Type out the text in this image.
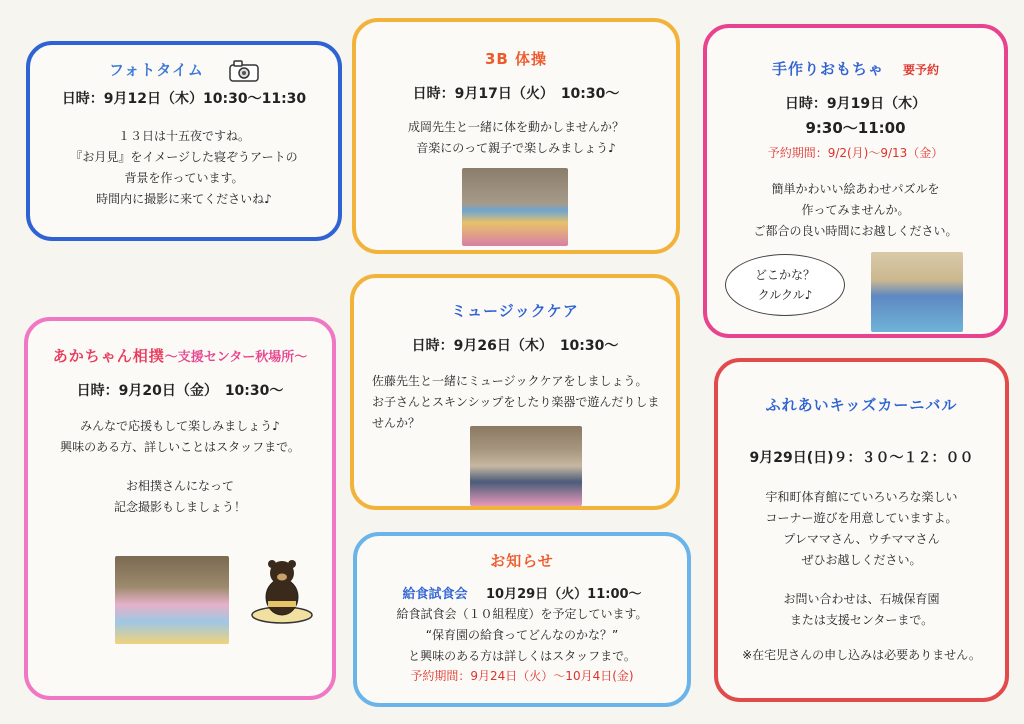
フォトタイム
日時：9月12日（木）10:30〜11:30
１３日は十五夜ですね。
『お月見』をイメージした寝ぞうアートの
背景を作っています。
時間内に撮影に来てくださいね♪
3B 体操
日時：9月17日（火）　10:30〜
成岡先生と一緒に体を動かしませんか？
音楽にのって親子で楽しみましょう♪
手作りおもちゃ 要予約
日時：9月19日（木）
9:30〜11:00
予約期間：9/2(月)〜9/13（金）
簡単かわいい絵あわせパズルを
作ってみませんか。
ご都合の良い時間にお越しください。
どこかな？
クルクル♪
あかちゃん相撲〜支援センター秋場所〜
日時：9月20日（金）　10:30〜
みんなで応援もして楽しみましょう♪
興味のある方、詳しいことはスタッフまで。
お相撲さんになって
記念撮影もしましょう！
ミュージックケア
日時：9月26日（木）　10:30〜
佐藤先生と一緒にミュージックケアをしましょう。
お子さんとスキンシップをしたり楽器で遊んだりしま
せんか？
お知らせ
給食試食会 10月29日（火）11:00〜
給食試食会（１０組程度）を予定しています。
“保育園の給食ってどんなのかな？”
と興味のある方は詳しくはスタッフまで。
予約期間：9月24日（火）〜10月4日(金)
ふれあいキッズカーニバル
9月29日(日)９：３０〜１２：００
宇和町体育館にていろいろな楽しい
コーナー遊びを用意していますよ。
プレママさん、ウチママさん
ぜひお越しください。
お問い合わせは、石城保育園
または支援センターまで。
※在宅児さんの申し込みは必要ありません。
